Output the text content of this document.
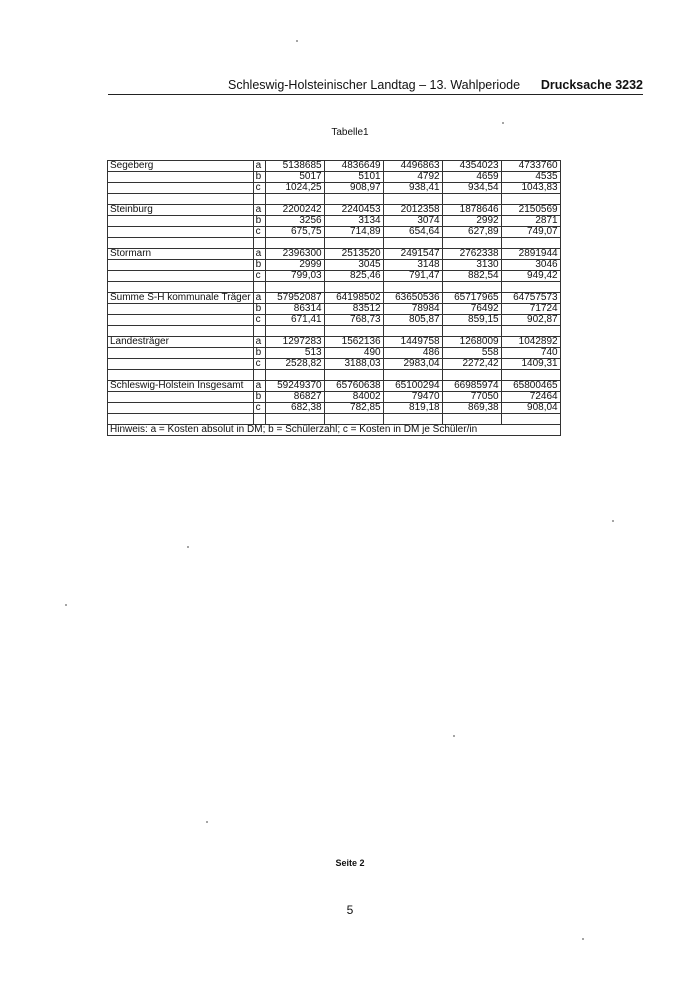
Schleswig-Holsteinischer Landtag – 13. Wahlperiode Drucksache 3232
Tabelle1
Segeberg	a	5138685	4836649	4496863	4354023	4733760
	b	5017	5101	4792	4659	4535
	c	1024,25	908,97	938,41	934,54	1043,83

Steinburg	a	2200242	2240453	2012358	1878646	2150569
	b	3256	3134	3074	2992	2871
	c	675,75	714,89	654,64	627,89	749,07

Stormarn	a	2396300	2513520	2491547	2762338	2891944
	b	2999	3045	3148	3130	3046
	c	799,03	825,46	791,47	882,54	949,42

Summe S-H kommunale Träger	a	57952087	64198502	63650536	65717965	64757573
	b	86314	83512	78984	76492	71724
	c	671,41	768,73	805,87	859,15	902,87

Landesträger	a	1297283	1562136	1449758	1268009	1042892
	b	513	490	486	558	740
	c	2528,82	3188,03	2983,04	2272,42	1409,31

Schleswig-Holstein Insgesamt	a	59249370	65760638	65100294	66985974	65800465
	b	86827	84002	79470	77050	72464
	c	682,38	782,85	819,18	869,38	908,04

Hinweis: a = Kosten absolut in DM; b = Schülerzahl; c = Kosten in DM je Schüler/in						
Seite 2
5
